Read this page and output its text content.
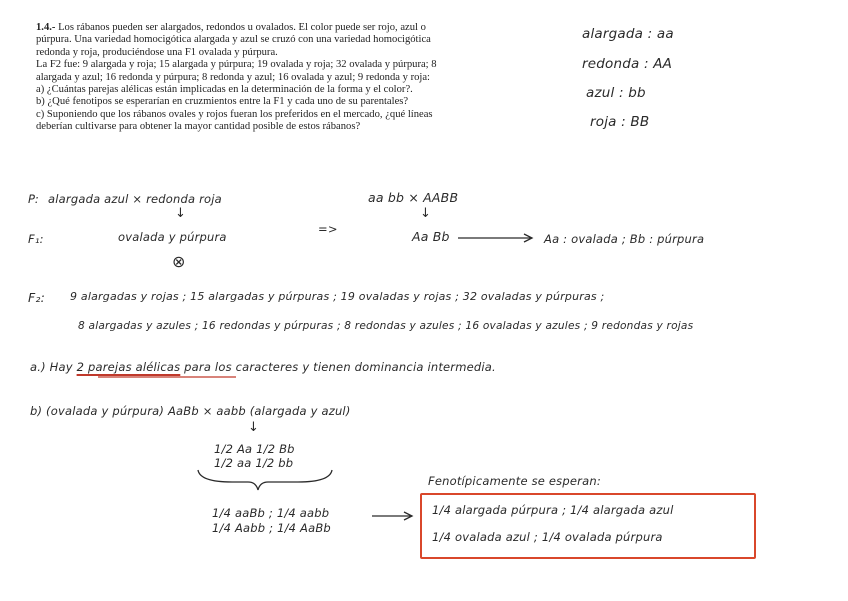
1.4.- Los rábanos pueden ser alargados, redondos u ovalados. El color puede ser rojo, azul o
púrpura. Una variedad homocigótica alargada y azul se cruzó con una variedad homocigótica
redonda y roja, produciéndose una F1 ovalada y púrpura.
La F2 fue: 9 alargada y roja; 15 alargada y púrpura; 19 ovalada y roja; 32 ovalada y púrpura; 8
alargada y azul; 16 redonda y púrpura; 8 redonda y azul; 16 ovalada y azul; 9 redonda y roja:
a) ¿Cuántas parejas alélicas están implicadas en la determinación de la forma y el color?.
b) ¿Qué fenotipos se esperarían en cruzmientos entre la F1 y cada uno de su parentales?
c) Suponiendo que los rábanos ovales y rojos fueran los preferidos en el mercado, ¿qué líneas
deberían cultivarse para obtener la mayor cantidad posible de estos rábanos?
alargada : aa
redonda : AA
azul : bb
roja : BB
P: alargada azul × redonda roja	aa bb × AABB
↓	↓
F₁:	ovalada y púrpura
=>	Aa Bb	Aa : ovalada ; Bb : púrpura
⊗
F₂: 9 alargadas y rojas ; 15 alargadas y púrpuras ; 19 ovaladas y rojas ; 32 ovaladas y púrpuras ;
8 alargadas y azules ; 16 redondas y púrpuras ; 8 redondas y azules ; 16 ovaladas y azules ; 9 redondas y rojas
a.) Hay 2 parejas alélicas para los caracteres y tienen dominancia intermedia.
b) (ovalada y púrpura) AaBb × aabb (alargada y azul)
↓
1/2 Aa 1/2 Bb
1/2 aa 1/2 bb
1/4 aaBb ; 1/4 aabb
1/4 Aabb ; 1/4 AaBb
Fenotípicamente se esperan:
1/4 alargada púrpura ; 1/4 alargada azul
1/4 ovalada azul ; 1/4 ovalada púrpura
